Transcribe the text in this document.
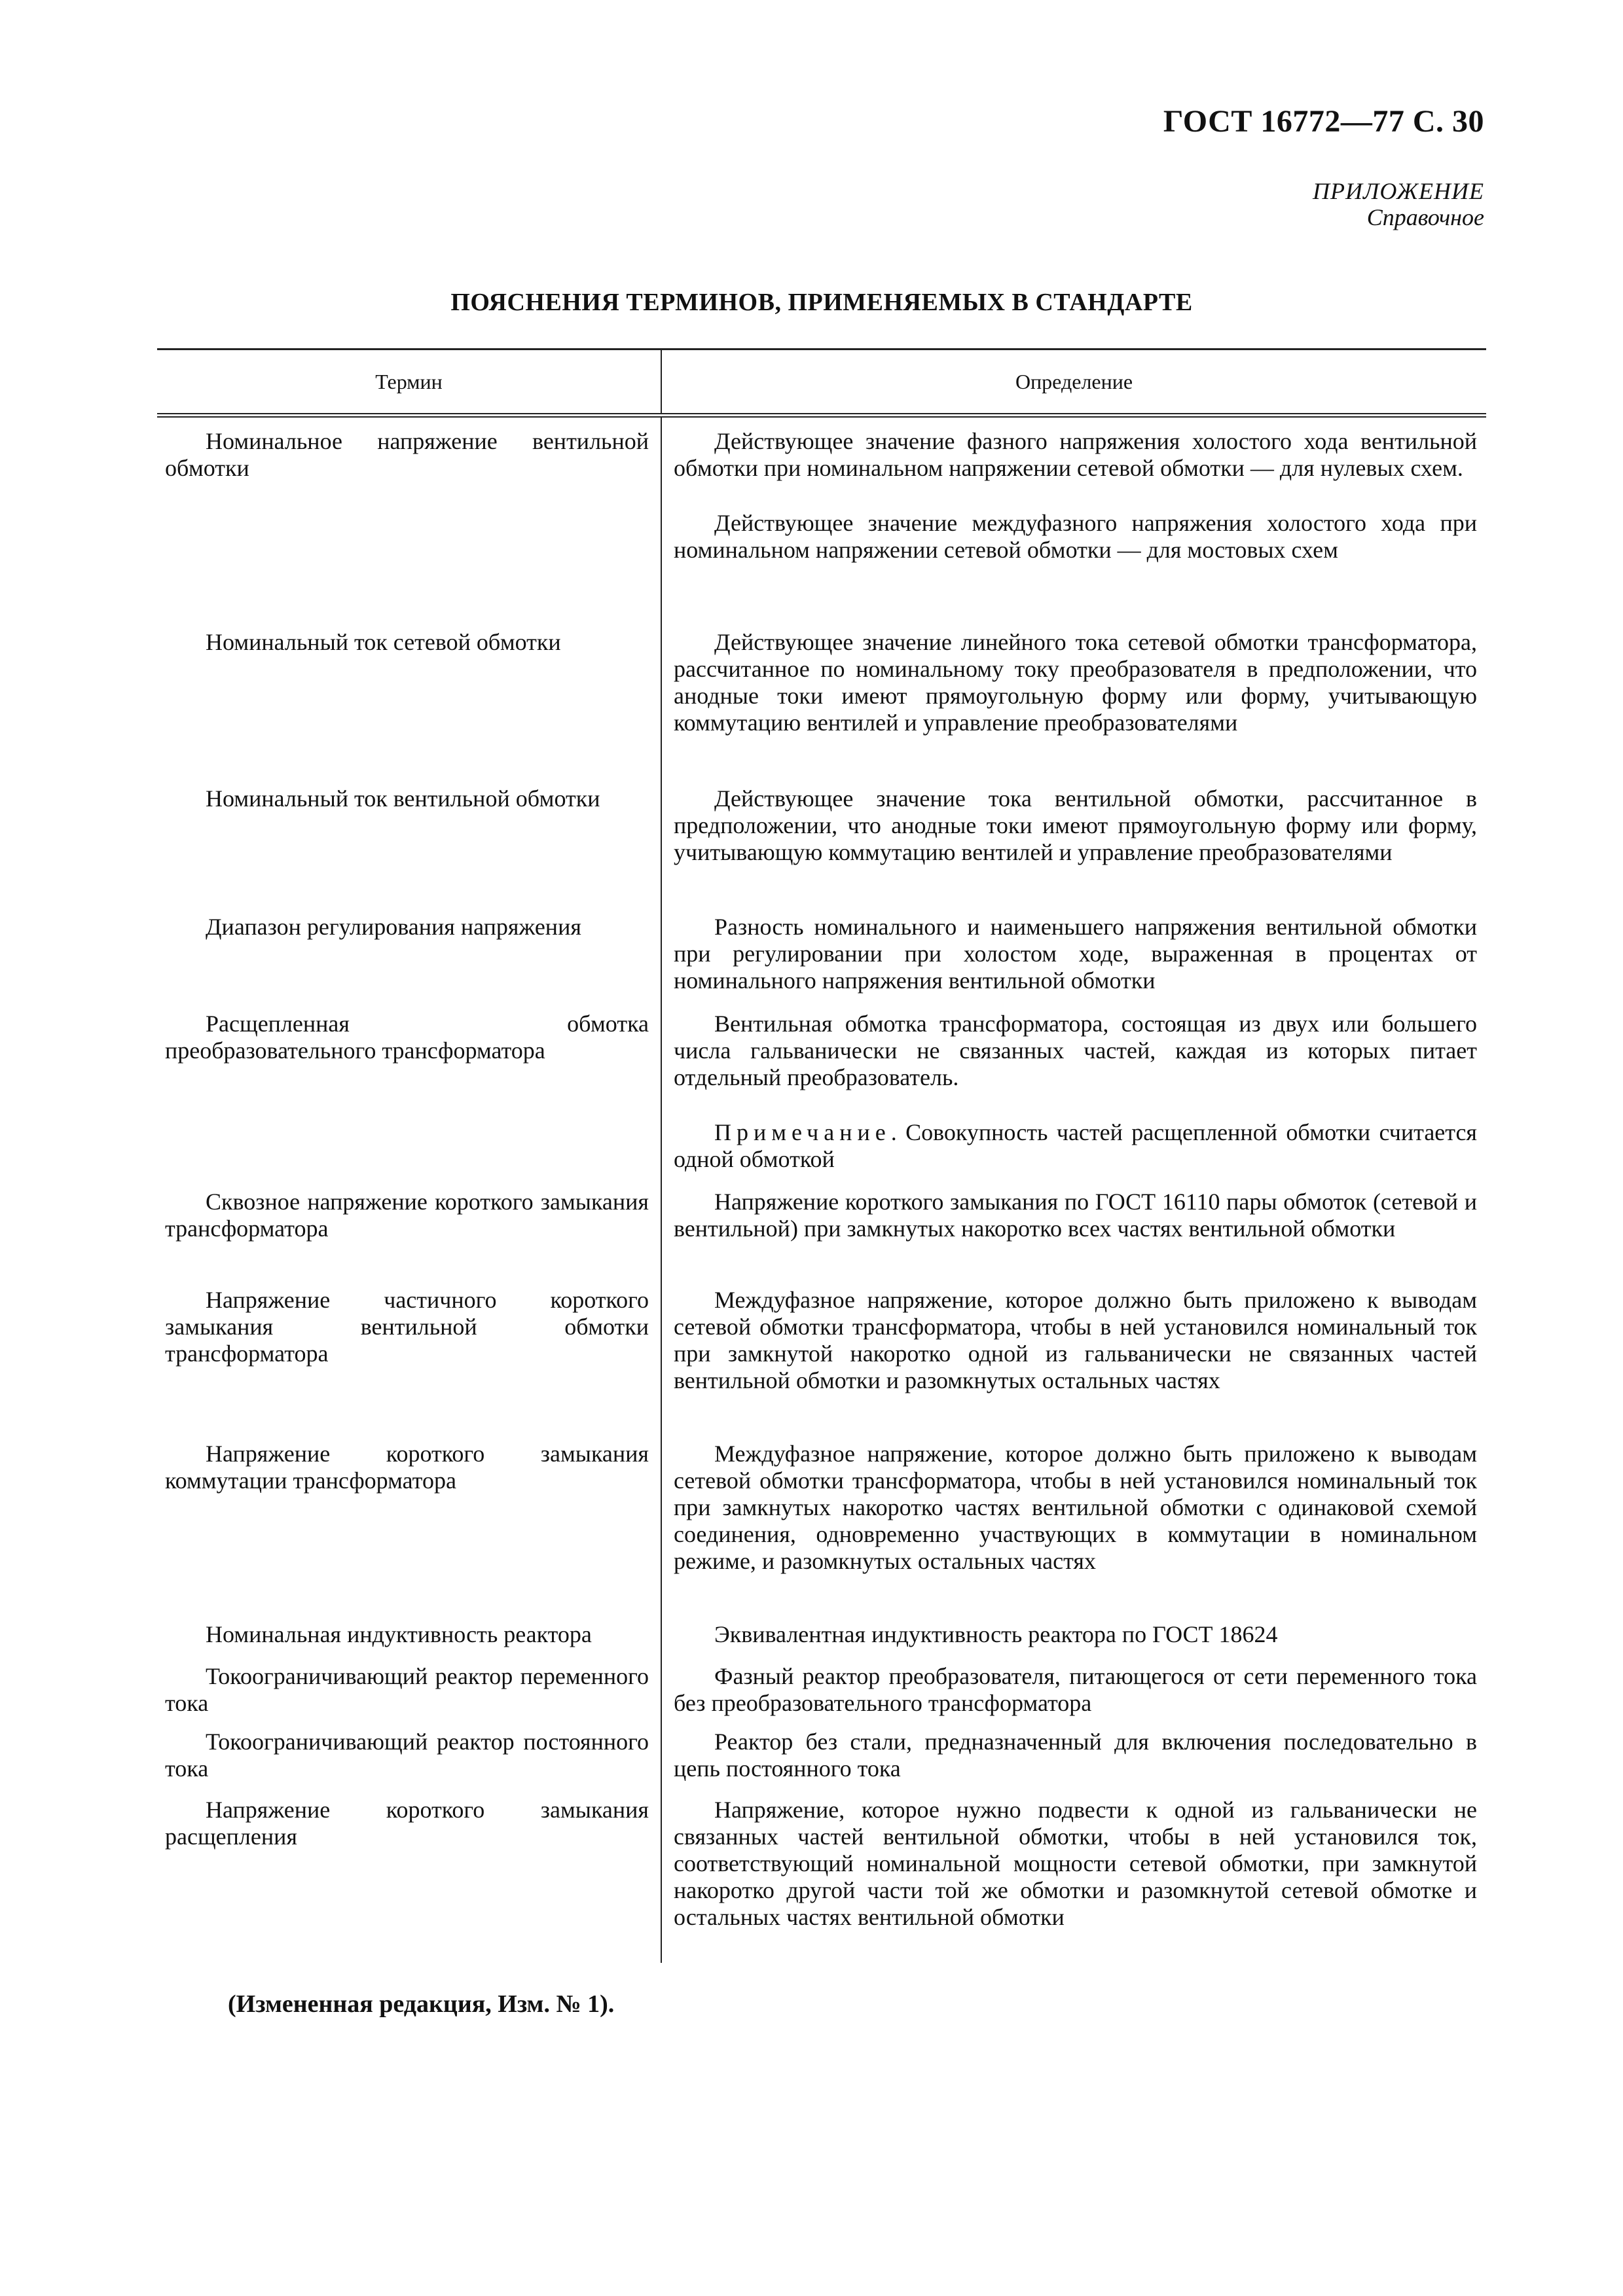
ГОСТ 16772—77 С. 30
ПРИЛОЖЕНИЕ
Справочное
ПОЯСНЕНИЯ ТЕРМИНОВ, ПРИМЕНЯЕМЫХ В СТАНДАРТЕ
Термин	Определение
Номинальное напряжение вентильной обмотки	Действующее значение фазного напряжения холостого хода вентильной обмотки при номинальном напряжении сетевой обмотки — для нулевых схем.

Действующее значение междуфазного напряжения холостого хода при номинальном напряжении сетевой обмотки — для мостовых схем

Номинальный ток сетевой обмотки	Действующее значение линейного тока сетевой обмотки трансформатора, рассчитанное по номинальному току преобразователя в предположении, что анодные токи имеют прямоугольную форму или форму, учитывающую коммутацию вентилей и управление преобразователями

Номинальный ток вентильной обмотки	Действующее значение тока вентильной обмотки, рассчитанное в предположении, что анодные токи имеют прямоугольную форму или форму, учитывающую коммутацию вентилей и управление преобразователями

Диапазон регулирования напряжения	Разность номинального и наименьшего напряжения вентильной обмотки при регулировании при холостом ходе, выраженная в процентах от номинального напряжения вентильной обмотки

Расщепленная обмотка преобразовательного трансформатора	Вентильная обмотка трансформатора, состоящая из двух или большего числа гальванически не связанных частей, каждая из которых питает отдельный преобразователь.

Примечание. Совокупность частей расщепленной обмотки считается одной обмоткой

Сквозное напряжение короткого замыкания трансформатора	Напряжение короткого замыкания по ГОСТ 16110 пары обмоток (сетевой и вентильной) при замкнутых накоротко всех частях вентильной обмотки

Напряжение частичного короткого замыкания вентильной обмотки трансформатора	Междуфазное напряжение, которое должно быть приложено к выводам сетевой обмотки трансформатора, чтобы в ней установился номинальный ток при замкнутой накоротко одной из гальванически не связанных частей вентильной обмотки и разомкнутых остальных частях

Напряжение короткого замыкания коммутации трансформатора	Междуфазное напряжение, которое должно быть приложено к выводам сетевой обмотки трансформатора, чтобы в ней установился номинальный ток при замкнутых накоротко частях вентильной обмотки с одинаковой схемой соединения, одновременно участвующих в коммутации в номинальном режиме, и разомкнутых остальных частях

Номинальная индуктивность реактора	Эквивалентная индуктивность реактора по ГОСТ 18624

Токоограничивающий реактор переменного тока	Фазный реактор преобразователя, питающегося от сети переменного тока без преобразовательного трансформатора

Токоограничивающий реактор постоянного тока	Реактор без стали, предназначенный для включения последовательно в цепь постоянного тока

Напряжение короткого замыкания расщепления	Напряжение, которое нужно подвести к одной из гальванически не связанных частей вентильной обмотки, чтобы в ней установился ток, соответствующий номинальной мощности сетевой обмотки, при замкнутой накоротко другой части той же обмотки и разомкнутой сетевой обмотке и остальных частях вентильной обмотки

(Измененная редакция, Изм. № 1).
